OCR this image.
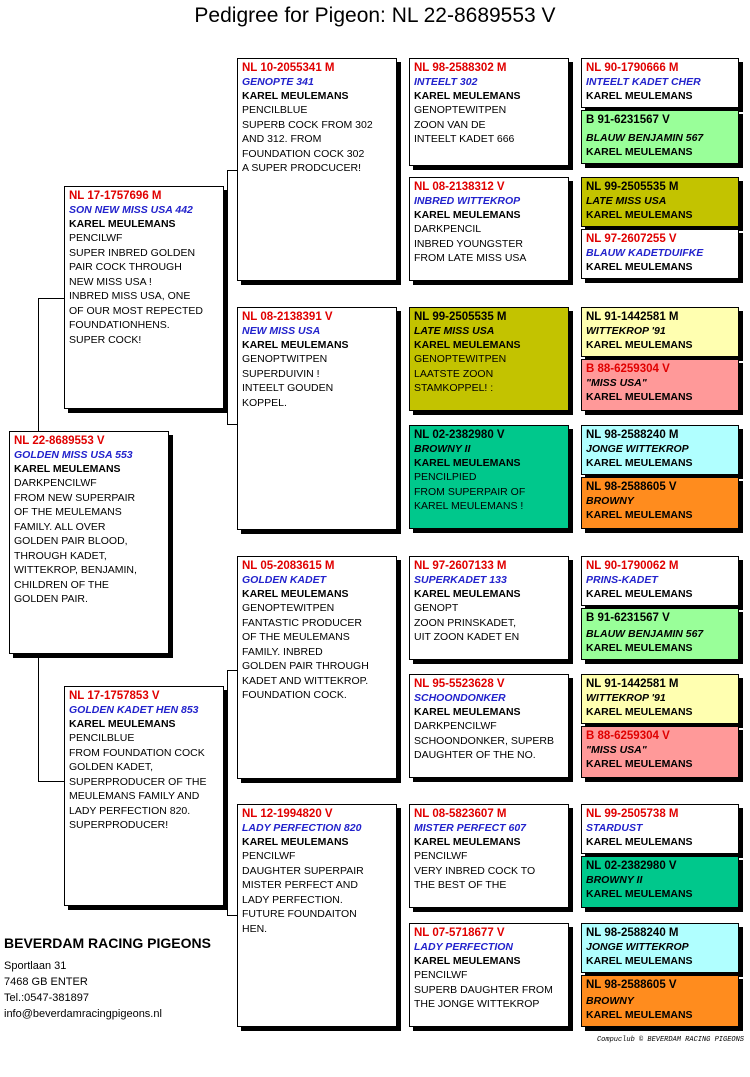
Pedigree for Pigeon: NL 22-8689553 V
NL 22-8689553 V
GOLDEN MISS USA 553
KAREL MEULEMANS
DARKPENCILWF
FROM NEW SUPERPAIR
OF THE MEULEMANS
FAMILY. ALL OVER
GOLDEN PAIR BLOOD,
THROUGH KADET,
WITTEKROP, BENJAMIN,
CHILDREN OF THE
GOLDEN PAIR.
NL 17-1757696 M
SON NEW MISS USA 442
KAREL MEULEMANS
PENCILWF
SUPER INBRED GOLDEN
PAIR COCK THROUGH
NEW MISS USA !
INBRED MISS USA, ONE
OF OUR MOST REPECTED
FOUNDATIONHENS.
SUPER COCK!
NL 17-1757853 V
GOLDEN KADET HEN 853
KAREL MEULEMANS
PENCILBLUE
FROM FOUNDATION COCK
GOLDEN KADET,
SUPERPRODUCER OF THE
MEULEMANS FAMILY AND
LADY PERFECTION 820.
SUPERPRODUCER!
NL 10-2055341 M
GENOPTE 341
KAREL MEULEMANS
PENCILBLUE
SUPERB COCK FROM 302
AND 312. FROM
FOUNDATION COCK 302
A SUPER PRODCUCER!
NL 08-2138391 V
NEW MISS USA
KAREL MEULEMANS
GENOPTWITPEN
SUPERDUIVIN !
INTEELT GOUDEN
KOPPEL.
NL 05-2083615 M
GOLDEN KADET
KAREL MEULEMANS
GENOPTEWITPEN
FANTASTIC PRODUCER
OF THE MEULEMANS
FAMILY. INBRED
GOLDEN PAIR THROUGH
KADET AND WITTEKROP.
FOUNDATION COCK.
NL 12-1994820 V
LADY PERFECTION 820
KAREL MEULEMANS
PENCILWF
DAUGHTER SUPERPAIR
MISTER PERFECT AND
LADY PERFECTION.
FUTURE FOUNDAITON
HEN.
NL 98-2588302 M
INTEELT 302
KAREL MEULEMANS
GENOPTEWITPEN
ZOON VAN DE
INTEELT KADET 666
NL 08-2138312 V
INBRED WITTEKROP
KAREL MEULEMANS
DARKPENCIL
INBRED YOUNGSTER
FROM LATE MISS USA
NL 99-2505535 M
LATE MISS USA
KAREL MEULEMANS
GENOPTEWITPEN
LAATSTE ZOON
STAMKOPPEL! :
NL 02-2382980 V
BROWNY II
KAREL MEULEMANS
PENCILPIED
FROM SUPERPAIR OF
KAREL MEULEMANS !
NL 97-2607133 M
SUPERKADET 133
KAREL MEULEMANS
GENOPT
ZOON PRINSKADET,
UIT ZOON KADET EN
NL 95-5523628 V
SCHOONDONKER
KAREL MEULEMANS
DARKPENCILWF
SCHOONDONKER, SUPERB
DAUGHTER OF THE NO.
NL 08-5823607 M
MISTER PERFECT 607
KAREL MEULEMANS
PENCILWF
VERY INBRED COCK TO
THE BEST OF THE
NL 07-5718677 V
LADY PERFECTION
KAREL MEULEMANS
PENCILWF
SUPERB DAUGHTER FROM
THE JONGE WITTEKROP
NL 90-1790666 M
INTEELT KADET CHER
KAREL MEULEMANS
B 91-6231567 V
BLAUW BENJAMIN 567
KAREL MEULEMANS
NL 99-2505535 M
LATE MISS USA
KAREL MEULEMANS
NL 97-2607255 V
BLAUW KADETDUIFKE
KAREL MEULEMANS
NL 91-1442581 M
WITTEKROP '91
KAREL MEULEMANS
B 88-6259304 V
"MISS USA"
KAREL MEULEMANS
NL 98-2588240 M
JONGE WITTEKROP
KAREL MEULEMANS
NL 98-2588605 V
BROWNY
KAREL MEULEMANS
NL 90-1790062 M
PRINS-KADET
KAREL MEULEMANS
B 91-6231567 V
BLAUW BENJAMIN 567
KAREL MEULEMANS
NL 91-1442581 M
WITTEKROP '91
KAREL MEULEMANS
B 88-6259304 V
"MISS USA"
KAREL MEULEMANS
NL 99-2505738 M
STARDUST
KAREL MEULEMANS
NL 02-2382980 V
BROWNY II
KAREL MEULEMANS
NL 98-2588240 M
JONGE WITTEKROP
KAREL MEULEMANS
NL 98-2588605 V
BROWNY
KAREL MEULEMANS
BEVERDAM RACING PIGEONS
Sportlaan 31
7468 GB ENTER
Tel.:0547-381897
info@beverdamracingpigeons.nl
Compuclub © BEVERDAM RACING PIGEONS
